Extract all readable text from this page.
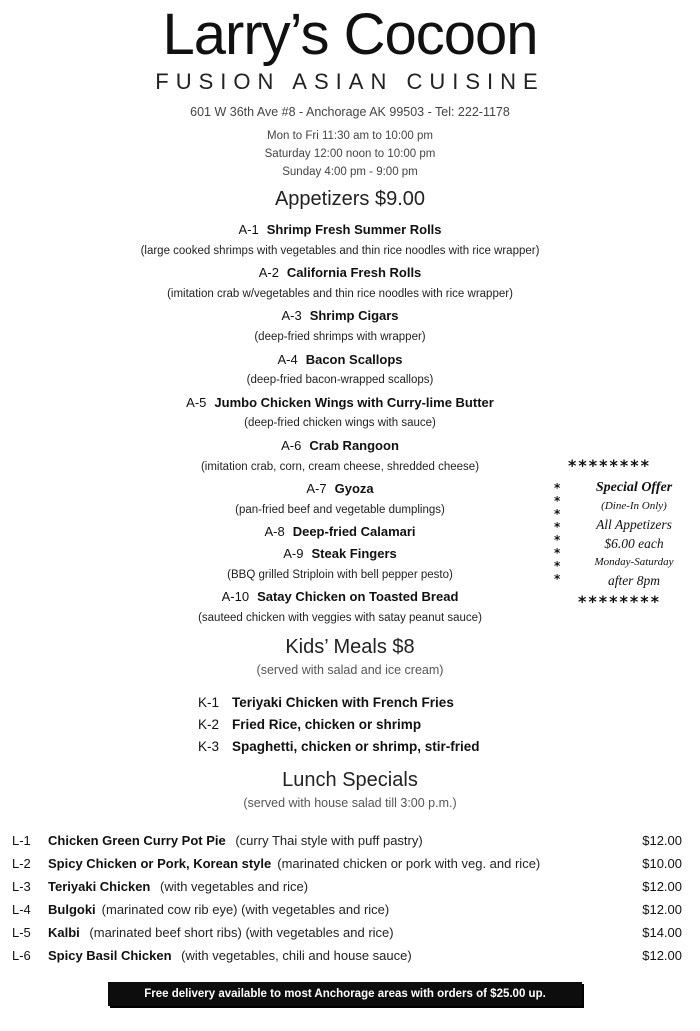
Larry’s Cocoon
FUSION ASIAN CUISINE
601 W 36th Ave #8 - Anchorage AK 99503 - Tel: 222-1178
Mon to Fri 11:30 am to 10:00 pm
Saturday 12:00 noon to 10:00 pm
Sunday 4:00 pm - 9:00 pm
Appetizers $9.00
A-1 Shrimp Fresh Summer Rolls
(large cooked shrimps with vegetables and thin rice noodles with rice wrapper)
A-2 California Fresh Rolls
(imitation crab w/vegetables and thin rice noodles with rice wrapper)
A-3 Shrimp Cigars
(deep-fried shrimps with wrapper)
A-4 Bacon Scallops
(deep-fried bacon-wrapped scallops)
A-5 Jumbo Chicken Wings with Curry-lime Butter
(deep-fried chicken wings with sauce)
A-6 Crab Rangoon
(imitation crab, corn, cream cheese, shredded cheese)
A-7 Gyoza
(pan-fried beef and vegetable dumplings)
A-8 Deep-fried Calamari
A-9 Steak Fingers
(BBQ grilled Striploin with bell pepper pesto)
A-10 Satay Chicken on Toasted Bread
(sauteed chicken with veggies with satay peanut sauce)
********
*
*
*
*
*
*
*
*
Special Offer
(Dine-In Only)
All Appetizers
$6.00 each
Monday-Saturday
after 8pm
********
Kids’ Meals $8
(served with salad and ice cream)
K-1 Teriyaki Chicken with French Fries
K-2 Fried Rice, chicken or shrimp
K-3 Spaghetti, chicken or shrimp, stir-fried
Lunch Specials
(served with house salad till 3:00 p.m.)
L-1 Chicken Green Curry Pot Pie (curry Thai style with puff pastry)	$12.00
L-2 Spicy Chicken or Pork, Korean style (marinated chicken or pork with veg. and rice)	$10.00
L-3 Teriyaki Chicken (with vegetables and rice)	$12.00
L-4 Bulgoki (marinated cow rib eye) (with vegetables and rice)	$12.00
L-5 Kalbi (marinated beef short ribs) (with vegetables and rice)	$14.00
L-6 Spicy Basil Chicken (with vegetables, chili and house sauce)	$12.00
Free delivery available to most Anchorage areas with orders of $25.00 up.
